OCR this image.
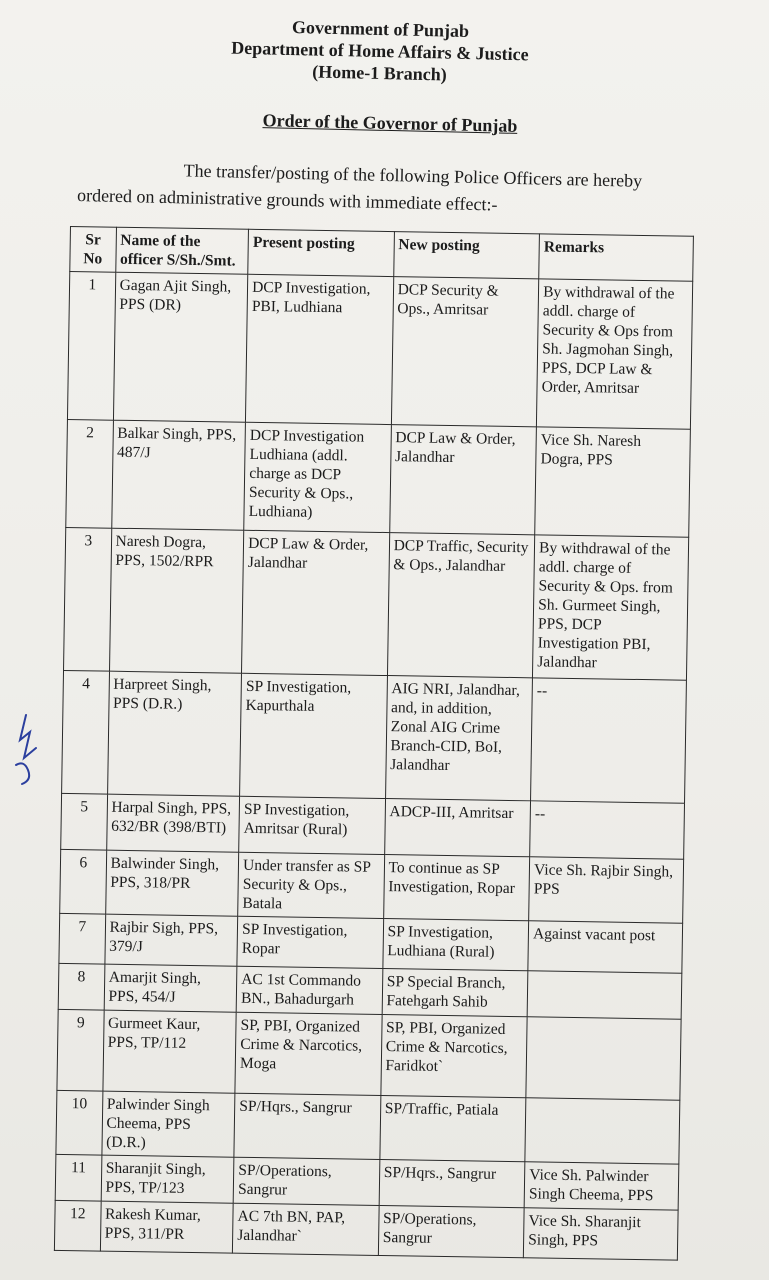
Government of Punjab
Department of Home Affairs & Justice
(Home-1 Branch)
Order of the Governor of Punjab
The transfer/posting of the following Police Officers are hereby
ordered on administrative grounds with immediate effect:-
Sr No	Name of the officer S/Sh./Smt.	Present posting	New posting	Remarks
1	Gagan Ajit Singh, PPS (DR)	DCP Investigation, PBI, Ludhiana	DCP Security & Ops., Amritsar	By withdrawal of the addl. charge of Security & Ops from Sh. Jagmohan Singh, PPS, DCP Law & Order, Amritsar
2	Balkar Singh, PPS, 487/J	DCP Investigation Ludhiana (addl. charge as DCP Security & Ops., Ludhiana)	DCP Law & Order, Jalandhar	Vice Sh. Naresh Dogra, PPS
3	Naresh Dogra, PPS, 1502/RPR	DCP Law & Order, Jalandhar	DCP Traffic, Security & Ops., Jalandhar	By withdrawal of the addl. charge of Security & Ops. from Sh. Gurmeet Singh, PPS, DCP Investigation PBI, Jalandhar
4	Harpreet Singh, PPS (D.R.)	SP Investigation, Kapurthala	AIG NRI, Jalandhar, and, in addition, Zonal AIG Crime Branch-CID, BoI, Jalandhar	--
5	Harpal Singh, PPS, 632/BR (398/BTI)	SP Investigation, Amritsar (Rural)	ADCP-III, Amritsar	--
6	Balwinder Singh, PPS, 318/PR	Under transfer as SP Security & Ops., Batala	To continue as SP Investigation, Ropar	Vice Sh. Rajbir Singh, PPS
7	Rajbir Sigh, PPS, 379/J	SP Investigation, Ropar	SP Investigation, Ludhiana (Rural)	Against vacant post
8	Amarjit Singh, PPS, 454/J	AC 1st Commando BN., Bahadurgarh	SP Special Branch, Fatehgarh Sahib	
9	Gurmeet Kaur, PPS, TP/112	SP, PBI, Organized Crime & Narcotics, Moga	SP, PBI, Organized Crime & Narcotics, Faridkot`	
10	Palwinder Singh Cheema, PPS (D.R.)	SP/Hqrs., Sangrur	SP/Traffic, Patiala	
11	Sharanjit Singh, PPS, TP/123	SP/Operations, Sangrur	SP/Hqrs., Sangrur	Vice Sh. Palwinder Singh Cheema, PPS
12	Rakesh Kumar, PPS, 311/PR	AC 7th BN, PAP, Jalandhar`	SP/Operations, Sangrur	Vice Sh. Sharanjit Singh, PPS
